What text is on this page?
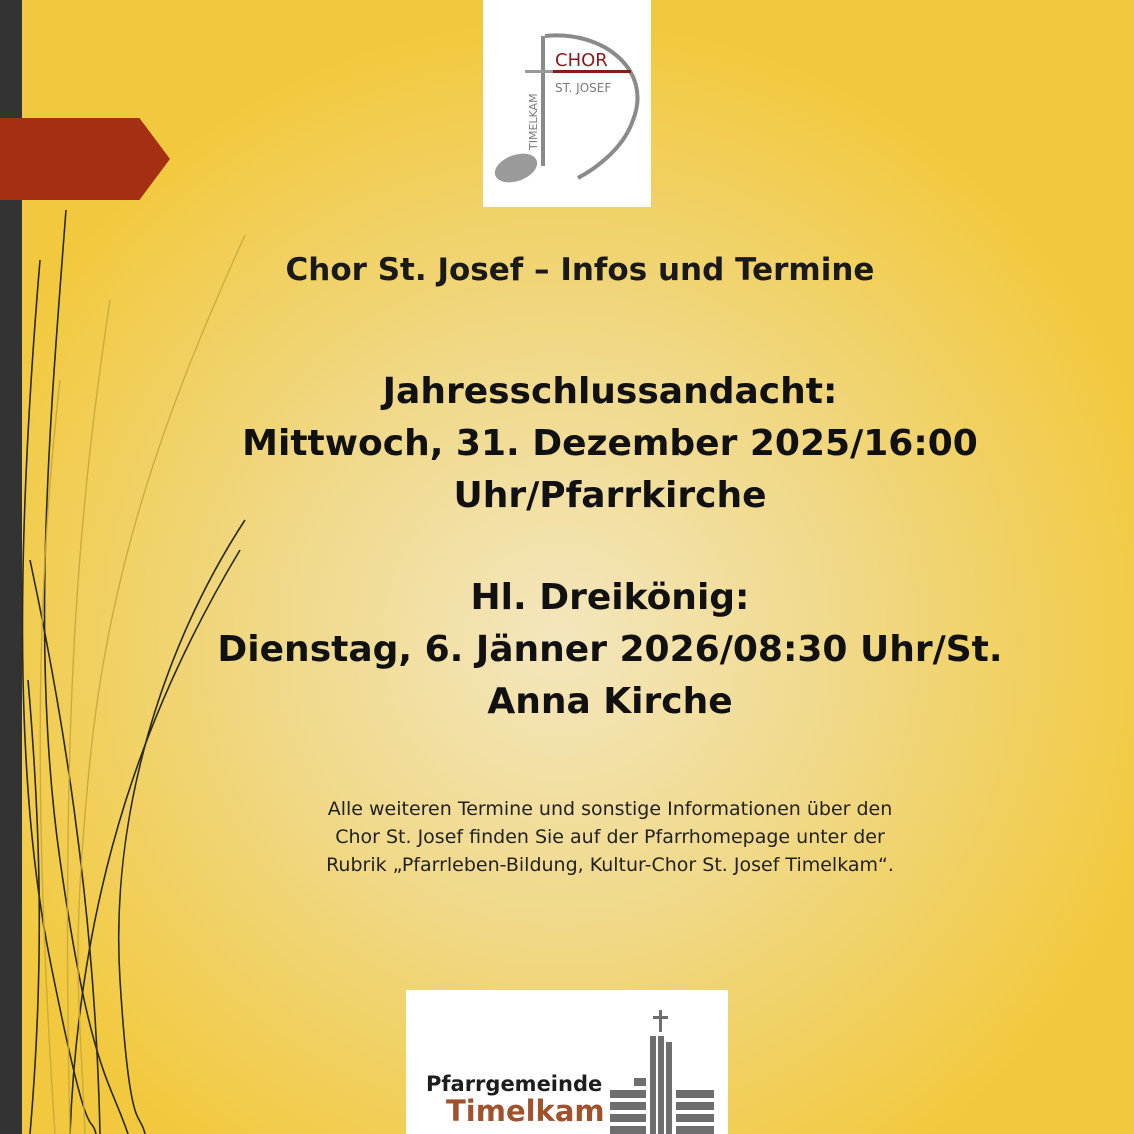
CHOR
ST. JOSEF
TIMELKAM
Chor St. Josef – Infos und Termine
Jahresschlussandacht:
Mittwoch, 31. Dezember 2025/16:00
Uhr/Pfarrkirche
Hl. Dreikönig:
Dienstag, 6. Jänner 2026/08:30 Uhr/St.
Anna Kirche
Alle weiteren Termine und sonstige Informationen über den
Chor St. Josef finden Sie auf der Pfarrhomepage unter der
Rubrik „Pfarrleben-Bildung, Kultur-Chor St. Josef Timelkam“.
Pfarrgemeinde
Timelkam
